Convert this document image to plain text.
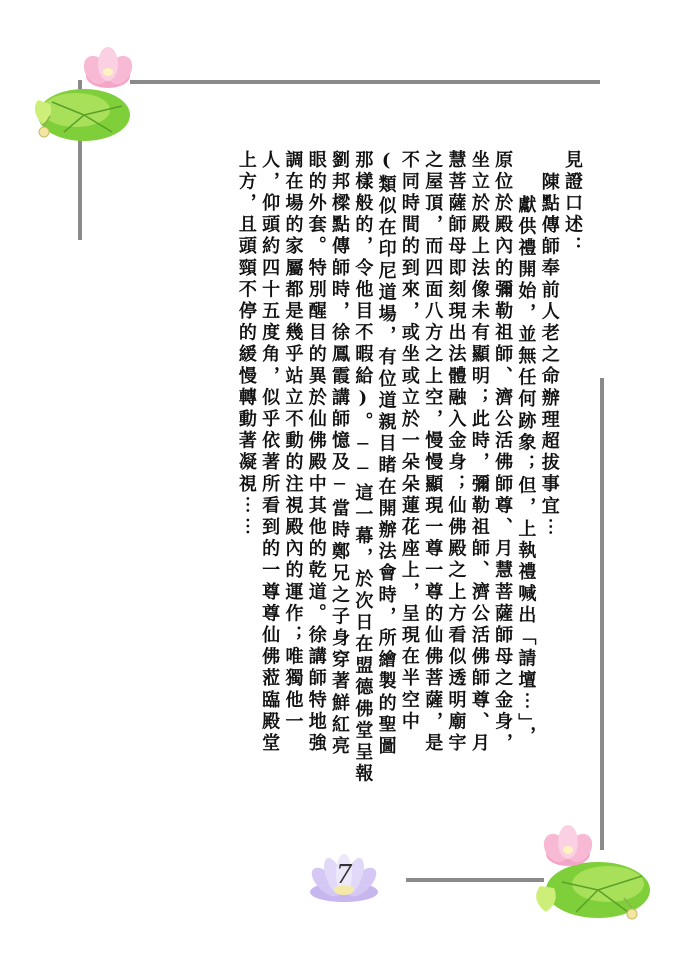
見證口述：
陳點傳師奉前人老之命辦理超拔事宜⋯
獻供禮開始，並無任何跡象；但，上執禮喊出「請壇⋯」，
原位於殿內的彌勒祖師、濟公活佛師尊、月慧菩薩師母之金身，
坐立於殿上法像未有顯明；此時，彌勒祖師、濟公活佛師尊、月
慧菩薩師母即刻現出法體融入金身；仙佛殿之上方看似透明廟宇
之屋頂，而四面八方之上空，慢慢顯現一尊一尊的仙佛菩薩，是
不同時間的到來，或坐或立於一朵朵蓮花座上，呈現在半空中
(類似在印尼道場，有位道親目睹在開辦法會時，所繪製的聖圖
那樣般的，令他目不暇給)。──這一幕，於次日在盟德佛堂呈報
劉邦樑點傳師時，徐鳳霞講師憶及─當時鄭兄之子身穿著鮮紅亮
眼的外套。特別醒目的異於仙佛殿中其他的乾道。徐講師特地強
調在場的家屬都是幾乎站立不動的注視殿內的運作；唯獨他一
人，仰頭約四十五度角，似乎依著所看到的一尊尊仙佛蒞臨殿堂
上方，且頭頸不停的緩慢轉動著凝視⋯⋯
7
